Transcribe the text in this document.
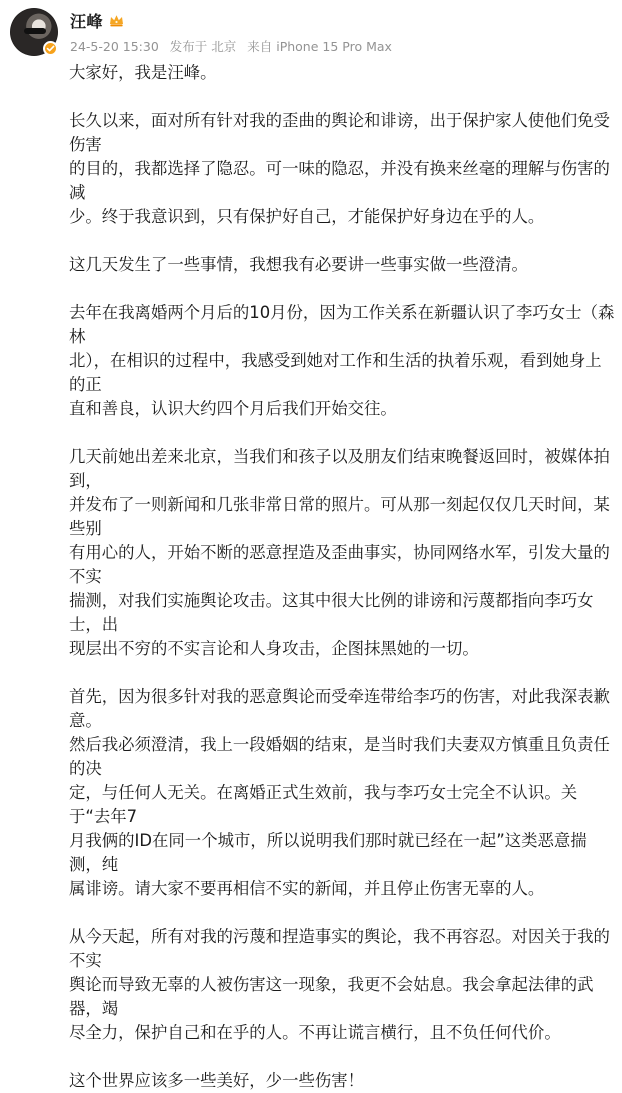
汪峰
24-5-20 15:30 发布于 北京 来自 iPhone 15 Pro Max

大家好，我是汪峰。

长久以来，面对所有针对我的歪曲的舆论和诽谤，出于保护家人使他们免受伤害
的目的，我都选择了隐忍。可一味的隐忍，并没有换来丝毫的理解与伤害的减
少。终于我意识到，只有保护好自己，才能保护好身边在乎的人。

这几天发生了一些事情，我想我有必要讲一些事实做一些澄清。

去年在我离婚两个月后的10月份，因为工作关系在新疆认识了李巧女士（森林
北），在相识的过程中，我感受到她对工作和生活的执着乐观，看到她身上的正
直和善良，认识大约四个月后我们开始交往。

几天前她出差来北京，当我们和孩子以及朋友们结束晚餐返回时，被媒体拍到，
并发布了一则新闻和几张非常日常的照片。可从那一刻起仅仅几天时间，某些别
有用心的人，开始不断的恶意捏造及歪曲事实，协同网络水军，引发大量的不实
揣测，对我们实施舆论攻击。这其中很大比例的诽谤和污蔑都指向李巧女士，出
现层出不穷的不实言论和人身攻击，企图抹黑她的一切。

首先，因为很多针对我的恶意舆论而受牵连带给李巧的伤害，对此我深表歉意。
然后我必须澄清，我上一段婚姻的结束，是当时我们夫妻双方慎重且负责任的决
定，与任何人无关。在离婚正式生效前，我与李巧女士完全不认识。关于“去年7
月我俩的ID在同一个城市，所以说明我们那时就已经在一起”这类恶意揣测，纯
属诽谤。请大家不要再相信不实的新闻，并且停止伤害无辜的人。

从今天起，所有对我的污蔑和捏造事实的舆论，我不再容忍。对因关于我的不实
舆论而导致无辜的人被伤害这一现象，我更不会姑息。我会拿起法律的武器，竭
尽全力，保护自己和在乎的人。不再让谎言横行，且不负任何代价。

这个世界应该多一些美好，少一些伤害！
